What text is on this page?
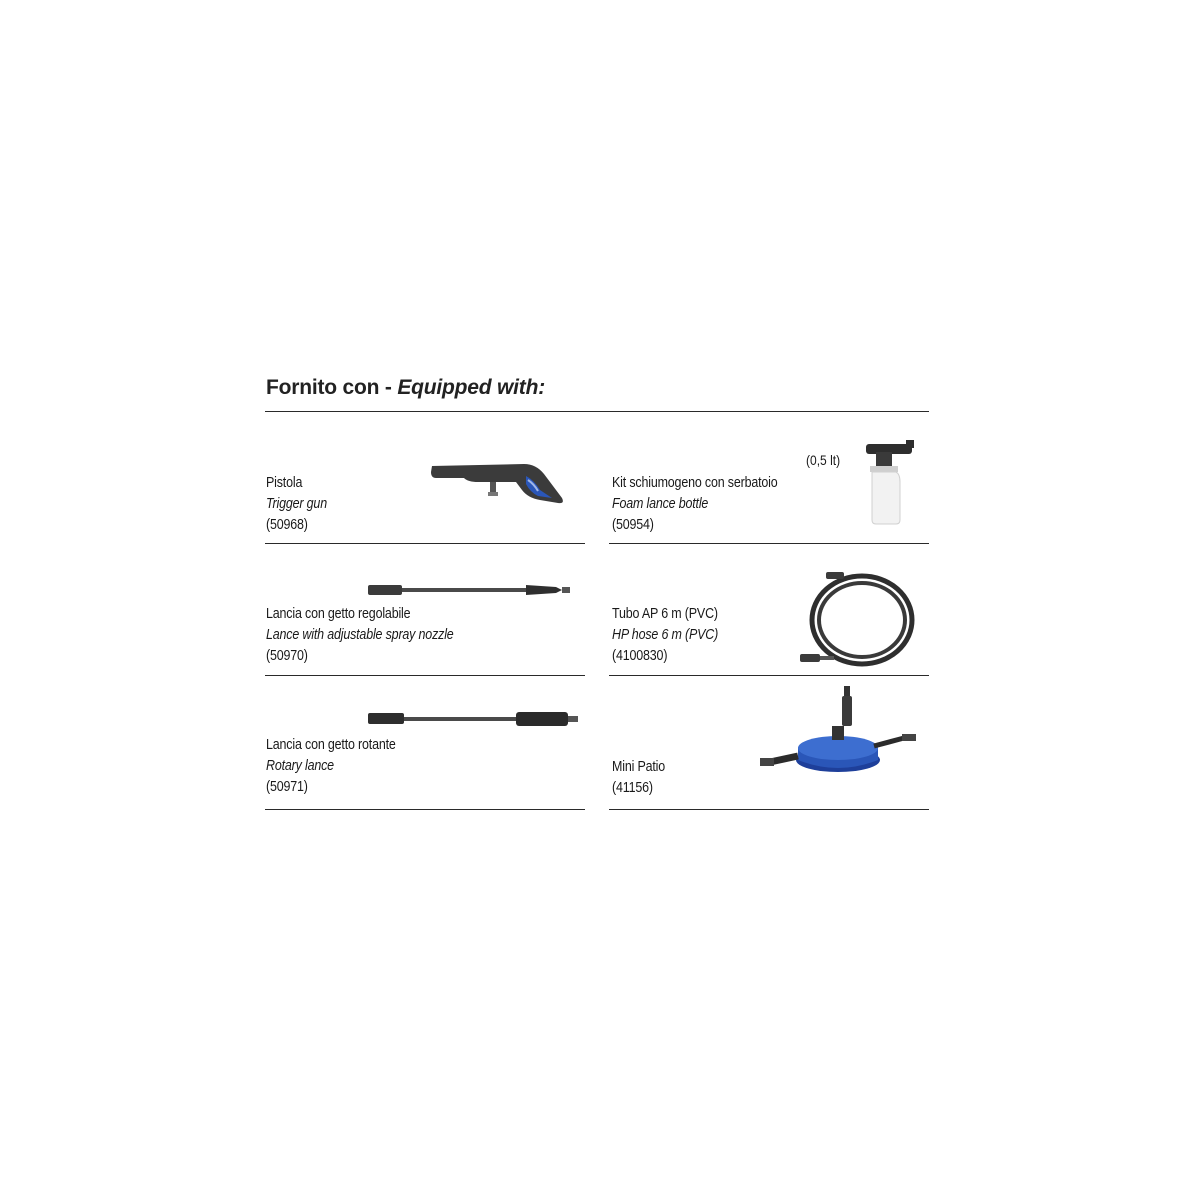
Fornito con - Equipped with:
Pistola
Trigger gun
(50968)
Kit schiumogeno con serbatoio
Foam lance bottle
(50954)
(0,5 lt)
Lancia con getto regolabile
Lance with adjustable spray nozzle
(50970)
Tubo AP 6 m (PVC)
HP hose 6 m (PVC)
(4100830)
Lancia con getto rotante
Rotary lance
(50971)
Mini Patio
(41156)
